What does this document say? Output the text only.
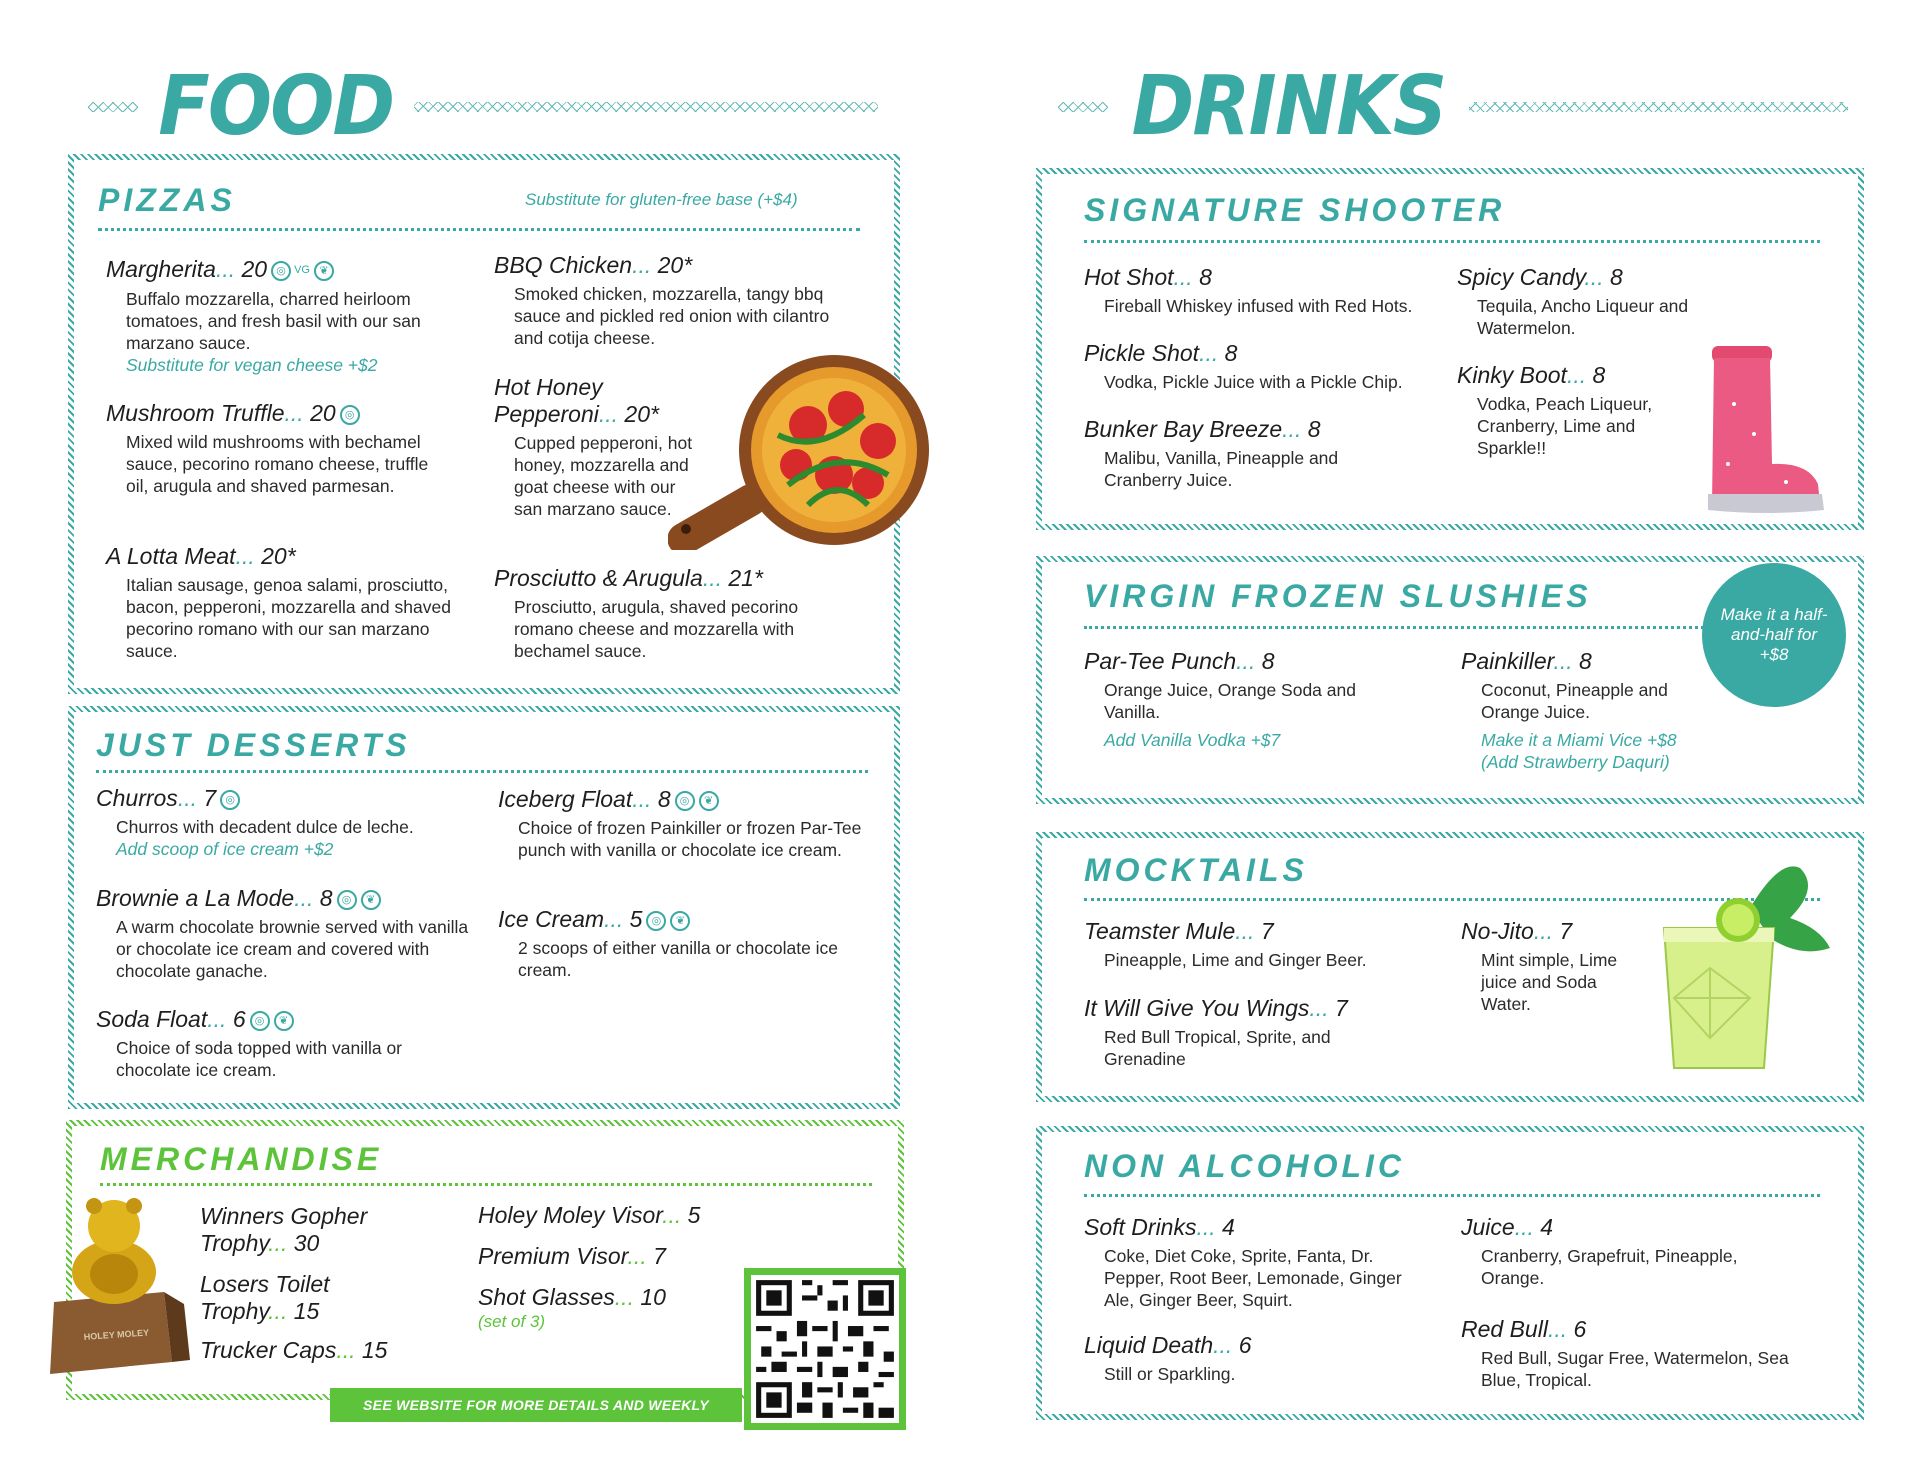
FOOD	DRINKS
PIZZAS	Substitute for gluten-free base (+$4)
Margherita... 20 ◎ VG ❦
Buffalo mozzarella, charred heirloom tomatoes, and fresh basil with our san marzano sauce.
Substitute for vegan cheese +$2
Mushroom Truffle... 20 ◎
Mixed wild mushrooms with bechamel sauce, pecorino romano cheese, truffle oil, arugula and shaved parmesan.
A Lotta Meat... 20*
Italian sausage, genoa salami, prosciutto, bacon, pepperoni, mozzarella and shaved pecorino romano with our san marzano sauce.
BBQ Chicken... 20*
Smoked chicken, mozzarella, tangy bbq sauce and pickled red onion with cilantro and cotija cheese.
Hot Honey Pepperoni... 20*
Cupped pepperoni, hot honey, mozzarella and goat cheese with our san marzano sauce.
Prosciutto & Arugula... 21*
Prosciutto, arugula, shaved pecorino romano cheese and mozzarella with bechamel sauce.
JUST DESSERTS
Churros... 7 ◎
Churros with decadent dulce de leche.
Add scoop of ice cream +$2
Brownie a La Mode... 8 ◎ ❦
A warm chocolate brownie served with vanilla or chocolate ice cream and covered with chocolate ganache.
Soda Float... 6 ◎ ❦
Choice of soda topped with vanilla or chocolate ice cream.
Iceberg Float... 8 ◎ ❦
Choice of frozen Painkiller or frozen Par-Tee punch with vanilla or chocolate ice cream.
Ice Cream... 5 ◎ ❦
2 scoops of either vanilla or chocolate ice cream.
MERCHANDISE
HOLEY MOLEY
Winners Gopher Trophy... 30
Losers Toilet Trophy... 15
Trucker Caps... 15
Holey Moley Visor... 5
Premium Visor... 7
Shot Glasses... 10
(set of 3)
SEE WEBSITE FOR MORE DETAILS AND WEEKLY PROMOTIONS
SIGNATURE SHOOTER
Hot Shot... 8
Fireball Whiskey infused with Red Hots.
Pickle Shot... 8
Vodka, Pickle Juice with a Pickle Chip.
Bunker Bay Breeze... 8
Malibu, Vanilla, Pineapple and Cranberry Juice.
Spicy Candy... 8
Tequila, Ancho Liqueur and Watermelon.
Kinky Boot... 8
Vodka, Peach Liqueur, Cranberry, Lime and Sparkle!!
VIRGIN FROZEN SLUSHIES
Make it a half-and-half for +$8
Par-Tee Punch... 8
Orange Juice, Orange Soda and Vanilla.
Add Vanilla Vodka +$7
Painkiller... 8
Coconut, Pineapple and Orange Juice.
Make it a Miami Vice +$8
(Add Strawberry Daquri)
MOCKTAILS
Teamster Mule... 7
Pineapple, Lime and Ginger Beer.
It Will Give You Wings... 7
Red Bull Tropical, Sprite, and Grenadine
No-Jito... 7
Mint simple, Lime juice and Soda Water.
NON ALCOHOLIC
Soft Drinks... 4
Coke, Diet Coke, Sprite, Fanta, Dr. Pepper, Root Beer, Lemonade, Ginger Ale, Ginger Beer, Squirt.
Liquid Death... 6
Still or Sparkling.
Juice... 4
Cranberry, Grapefruit, Pineapple, Orange.
Red Bull... 6
Red Bull, Sugar Free, Watermelon, Sea Blue, Tropical.
